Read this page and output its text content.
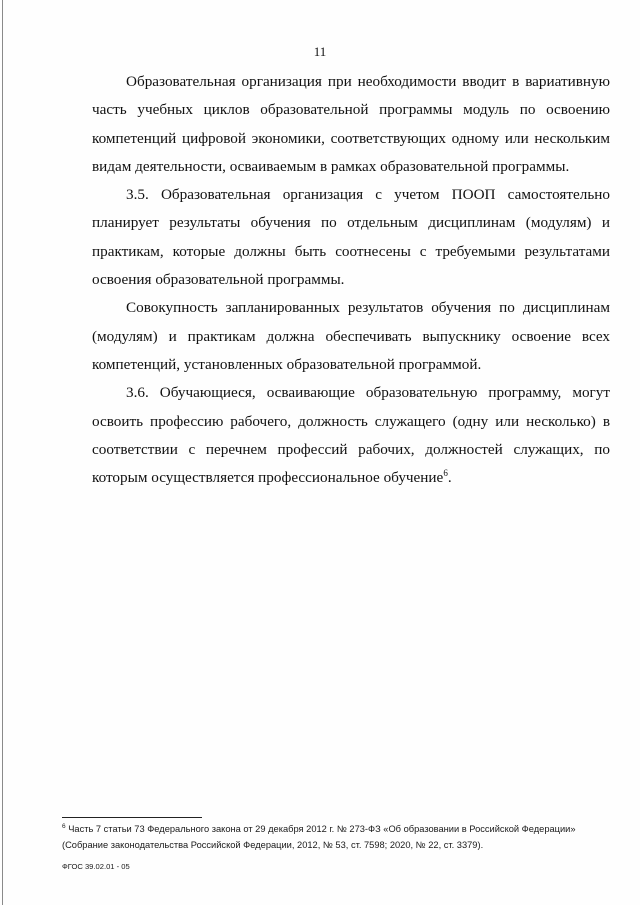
11

Образовательная организация при необходимости вводит в вариативную часть учебных циклов образовательной программы модуль по освоению компетенций цифровой экономики, соответствующих одному или нескольким видам деятельности, осваиваемым в рамках образовательной программы.

3.5. Образовательная организация с учетом ПООП самостоятельно планирует результаты обучения по отдельным дисциплинам (модулям) и практикам, которые должны быть соотнесены с требуемыми результатами освоения образовательной программы.

Совокупность запланированных результатов обучения по дисциплинам (модулям) и практикам должна обеспечивать выпускнику освоение всех компетенций, установленных образовательной программой.

3.6. Обучающиеся, осваивающие образовательную программу, могут освоить профессию рабочего, должность служащего (одну или несколько) в соответствии с перечнем профессий рабочих, должностей служащих, по которым осуществляется профессиональное обучение$^6$.

$^6$ Часть 7 статьи 73 Федерального закона от 29 декабря 2012 г. № 273-ФЗ «Об образовании в Российской Федерации» (Собрание законодательства Российской Федерации, 2012, № 53, ст. 7598; 2020, № 22, ст. 3379).
ФГОС 39.02.01 - 05
